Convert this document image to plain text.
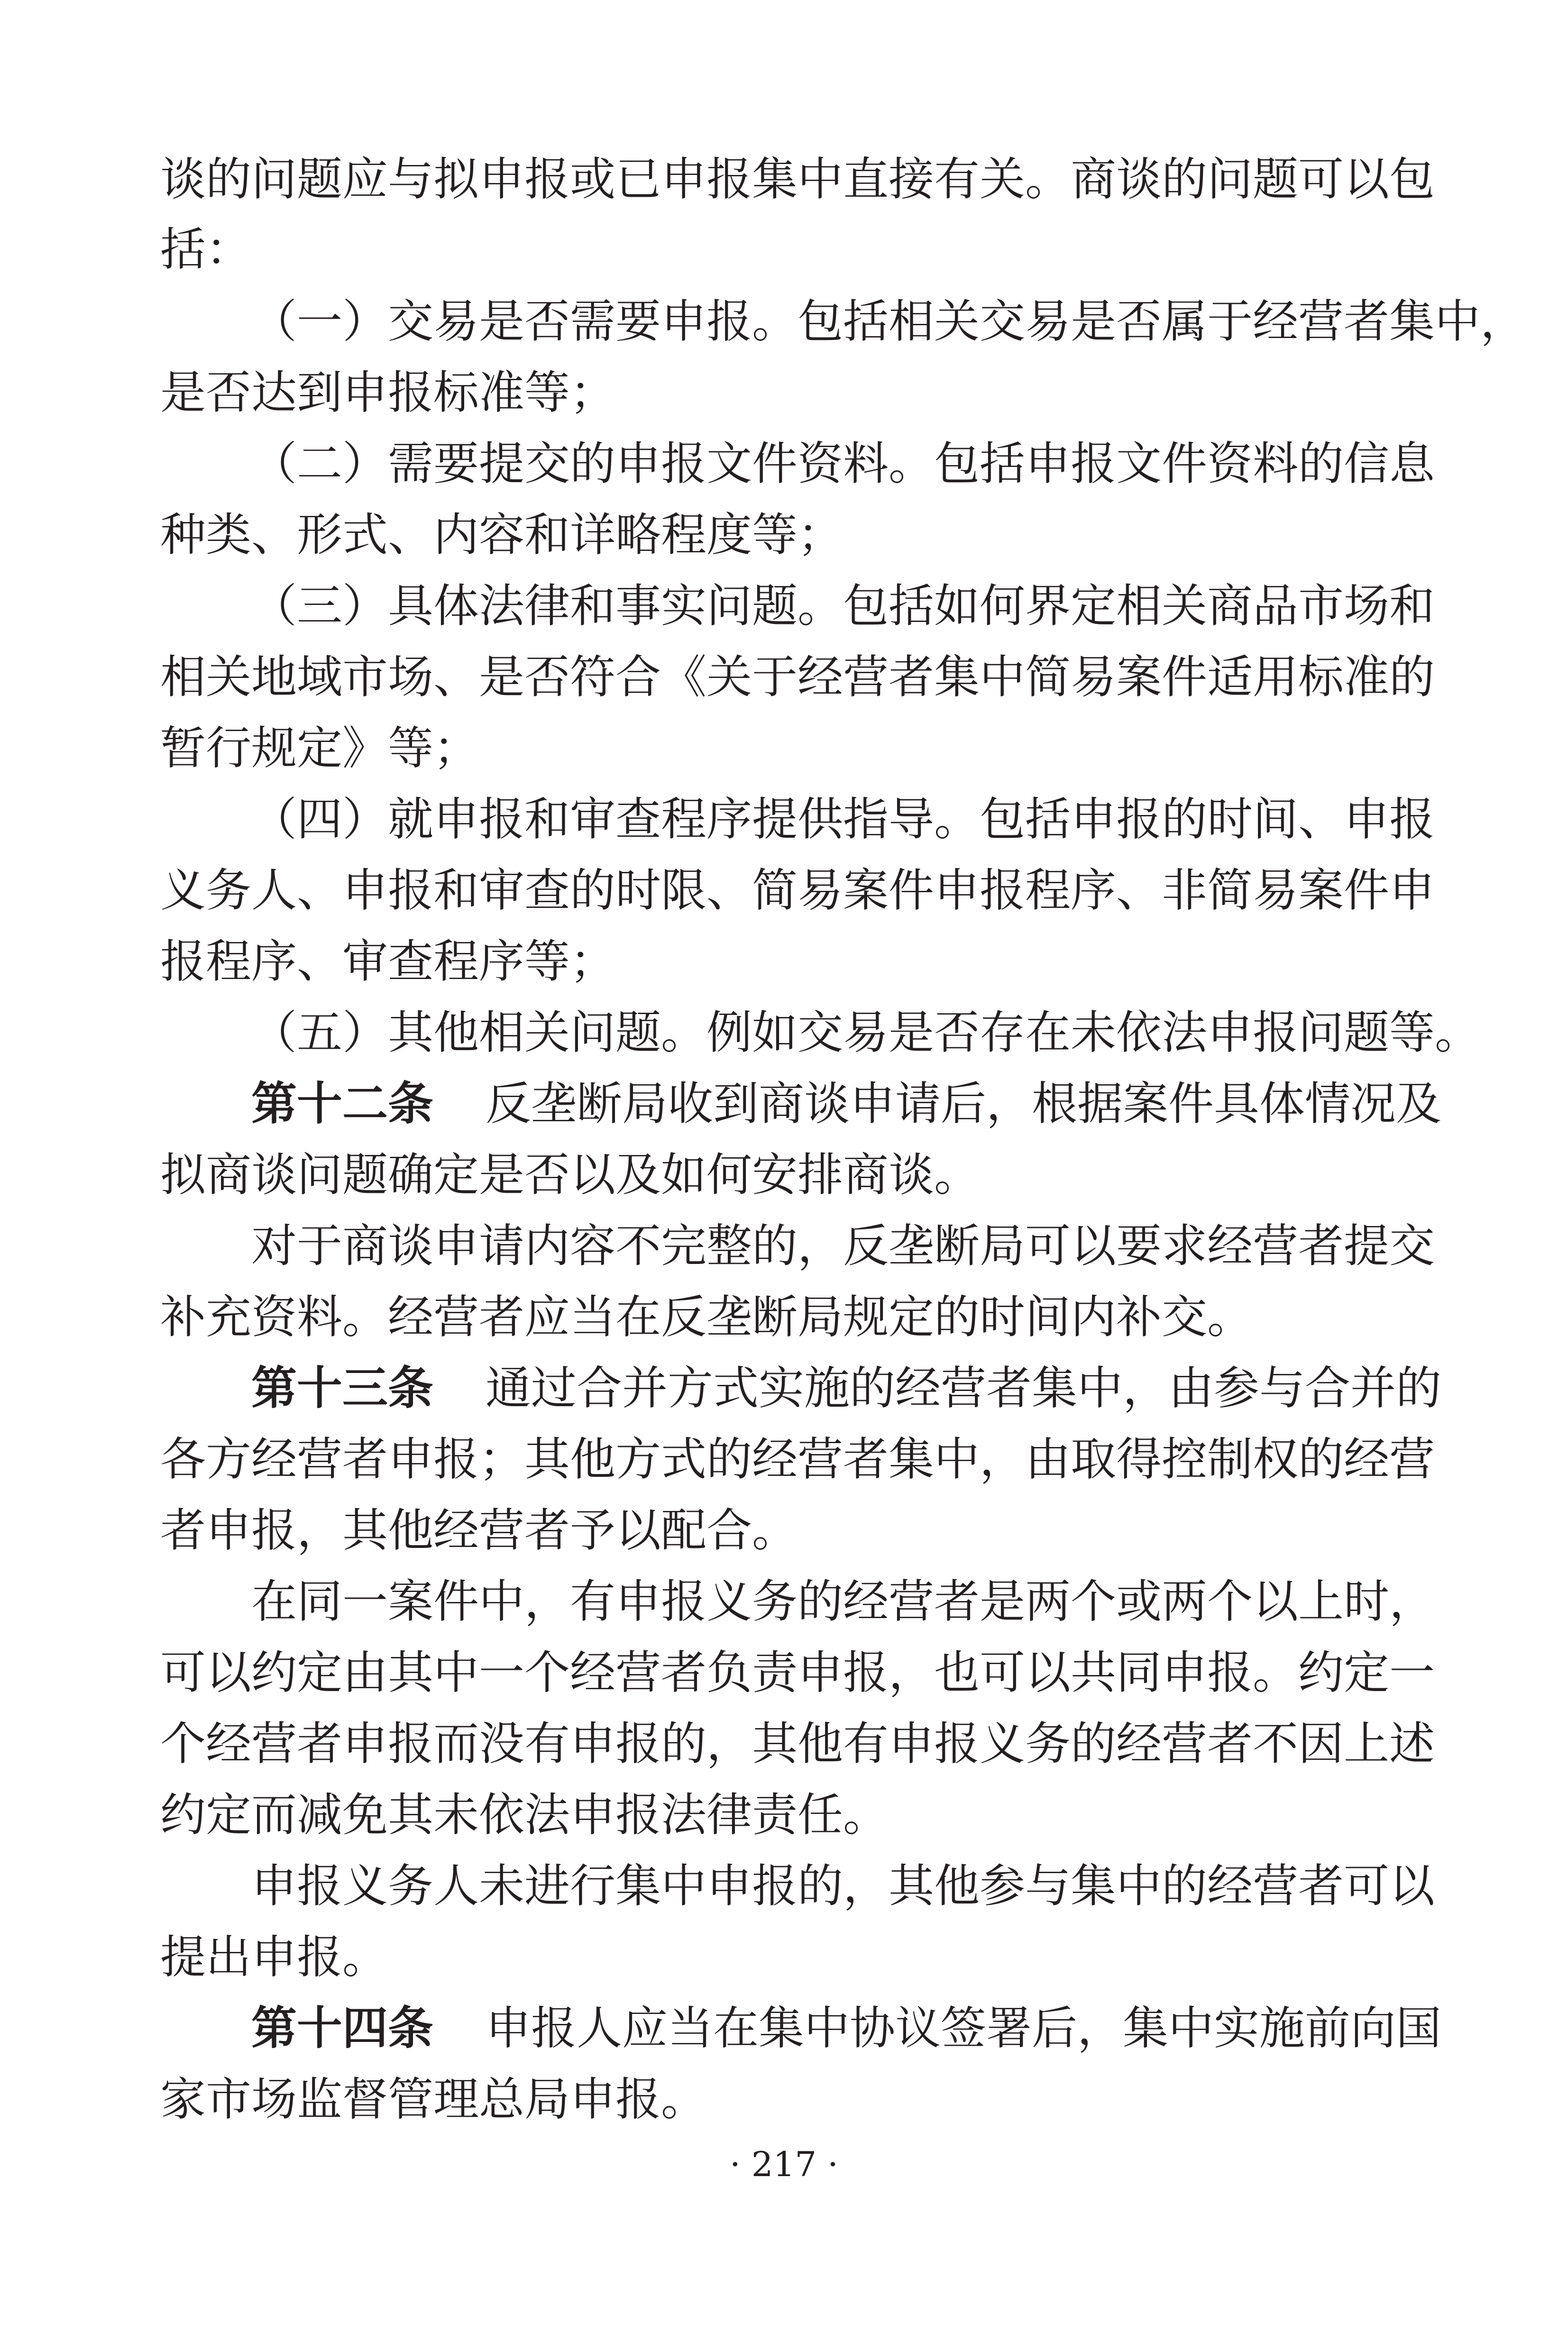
谈的问题应与拟申报或已申报集中直接有关。商谈的问题可以包
括：
（一）交易是否需要申报。包括相关交易是否属于经营者集中，
是否达到申报标准等；
（二）需要提交的申报文件资料。包括申报文件资料的信息
种类、形式、内容和详略程度等；
（三）具体法律和事实问题。包括如何界定相关商品市场和
相关地域市场、是否符合《关于经营者集中简易案件适用标准的
暂行规定》等；
（四）就申报和审查程序提供指导。包括申报的时间、申报
义务人、申报和审查的时限、简易案件申报程序、非简易案件申
报程序、审查程序等；
（五）其他相关问题。例如交易是否存在未依法申报问题等。
第十二条 反垄断局收到商谈申请后，根据案件具体情况及
拟商谈问题确定是否以及如何安排商谈。
对于商谈申请内容不完整的，反垄断局可以要求经营者提交
补充资料。经营者应当在反垄断局规定的时间内补交。
第十三条 通过合并方式实施的经营者集中，由参与合并的
各方经营者申报；其他方式的经营者集中，由取得控制权的经营
者申报，其他经营者予以配合。
在同一案件中，有申报义务的经营者是两个或两个以上时，
可以约定由其中一个经营者负责申报，也可以共同申报。约定一
个经营者申报而没有申报的，其他有申报义务的经营者不因上述
约定而减免其未依法申报法律责任。
申报义务人未进行集中申报的，其他参与集中的经营者可以
提出申报。
第十四条 申报人应当在集中协议签署后，集中实施前向国
家市场监督管理总局申报。
· 217 ·
